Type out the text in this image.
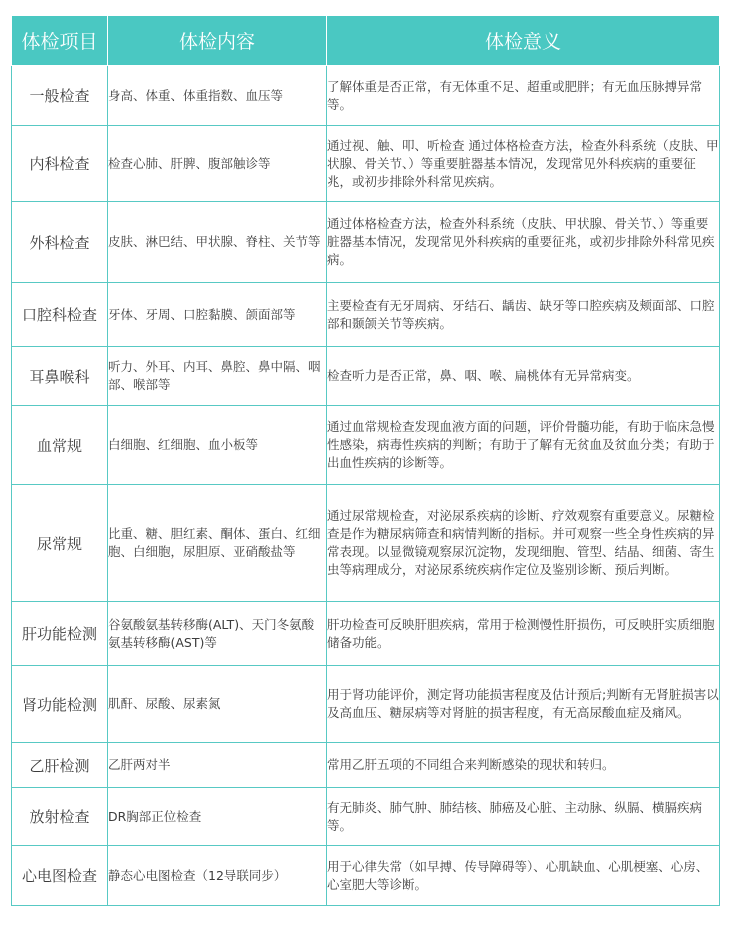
体检项目	体检内容	体检意义
一般检查	身高、体重、体重指数、血压等	了解体重是否正常，有无体重不足、超重或肥胖；有无血压脉搏异常等。
内科检查	检查心肺、肝脾、腹部触诊等	通过视、触、叩、听检查 通过体格检查方法，检查外科系统（皮肤、甲状腺、骨关节、）等重要脏器基本情况，发现常见外科疾病的重要征兆，或初步排除外科常见疾病。
外科检查	皮肤、淋巴结、甲状腺、脊柱、关节等	通过体格检查方法，检查外科系统（皮肤、甲状腺、骨关节、）等重要脏器基本情况，发现常见外科疾病的重要征兆，或初步排除外科常见疾病。
口腔科检查	牙体、牙周、口腔黏膜、颌面部等	主要检查有无牙周病、牙结石、龋齿、缺牙等口腔疾病及颊面部、口腔部和颞颌关节等疾病。
耳鼻喉科	听力、外耳、内耳、鼻腔、鼻中隔、咽部、喉部等	检查听力是否正常，鼻、咽、喉、扁桃体有无异常病变。
血常规	白细胞、红细胞、血小板等	通过血常规检查发现血液方面的问题，评价骨髓功能，有助于临床急慢性感染，病毒性疾病的判断；有助于了解有无贫血及贫血分类；有助于出血性疾病的诊断等。
尿常规	比重、糖、胆红素、酮体、蛋白、红细胞、白细胞，尿胆原、亚硝酸盐等	通过尿常规检查，对泌尿系疾病的诊断、疗效观察有重要意义。尿糖检查是作为糖尿病筛查和病情判断的指标。并可观察一些全身性疾病的异常表现。以显微镜观察尿沉淀物，发现细胞、管型、结晶、细菌、寄生虫等病理成分，对泌尿系统疾病作定位及鉴别诊断、预后判断。
肝功能检测	谷氨酸氨基转移酶(ALT)、天门冬氨酸氨基转移酶(AST)等	肝功检查可反映肝胆疾病，常用于检测慢性肝损伤，可反映肝实质细胞储备功能。
肾功能检测	肌酐、尿酸、尿素氮	用于肾功能评价，测定肾功能损害程度及估计预后;判断有无肾脏损害以及高血压、糖尿病等对肾脏的损害程度，有无高尿酸血症及痛风。
乙肝检测	乙肝两对半	常用乙肝五项的不同组合来判断感染的现状和转归。
放射检查	DR胸部正位检查	有无肺炎、肺气肿、肺结核、肺癌及心脏、主动脉、纵膈、横膈疾病等。
心电图检查	静态心电图检查（12导联同步）	用于心律失常（如早搏、传导障碍等）、心肌缺血、心肌梗塞、心房、心室肥大等诊断。
